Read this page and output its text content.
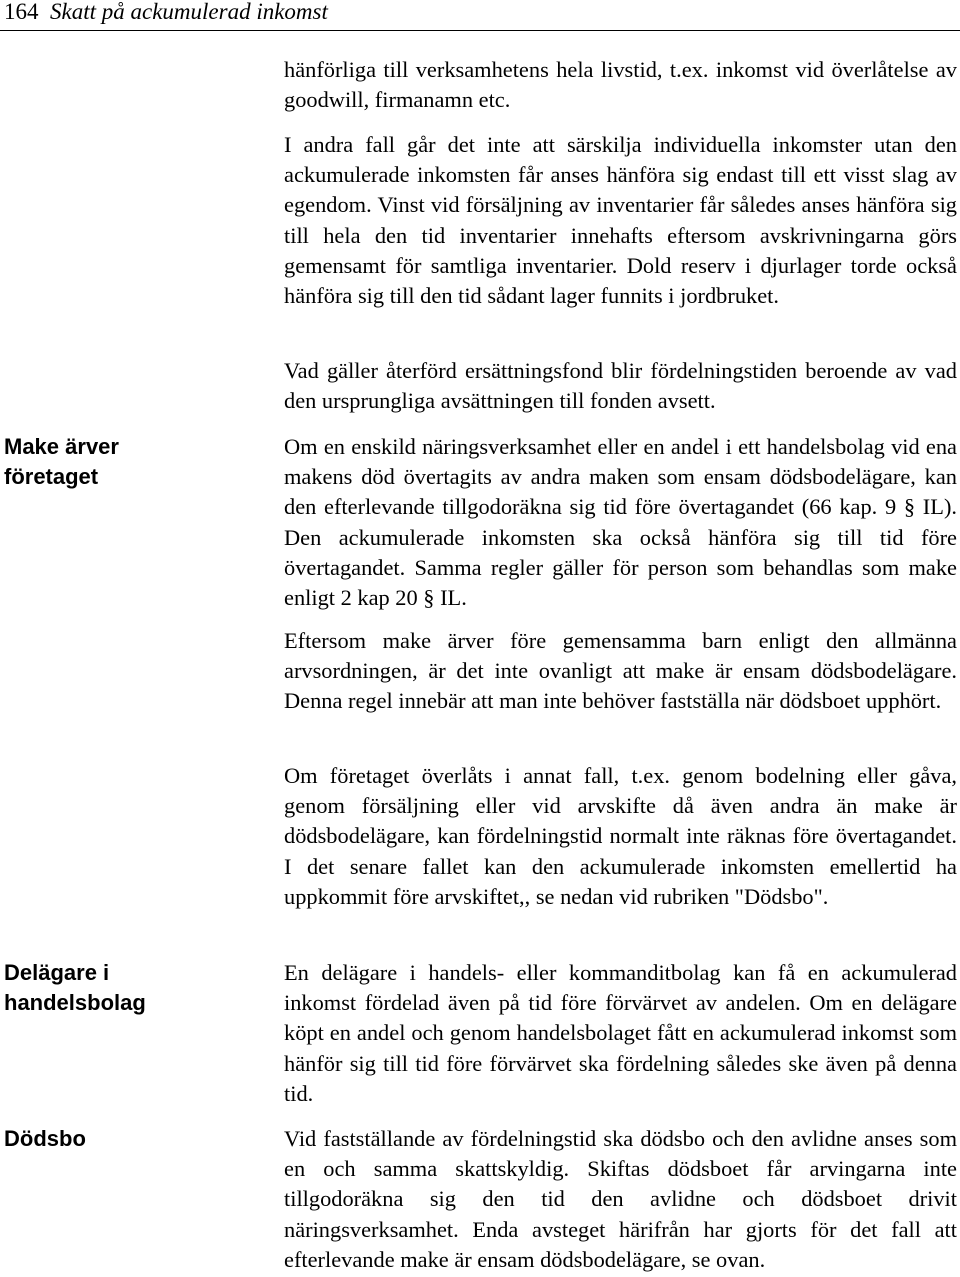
164 Skatt på ackumulerad inkomst
Make ärver företaget
Delägare i handelsbolag
Dödsbo
hänförliga till verksamhetens hela livstid, t.ex. inkomst vid överlåtelse av goodwill, firmanamn etc.
I andra fall går det inte att särskilja individuella inkomster utan den ackumulerade inkomsten får anses hänföra sig endast till ett visst slag av egendom. Vinst vid försäljning av inventarier får således anses hänföra sig till hela den tid inventarier innehafts eftersom avskrivningarna görs gemensamt för samtliga inventarier. Dold reserv i djurlager torde också hänföra sig till den tid sådant lager funnits i jordbruket.
Vad gäller återförd ersättningsfond blir fördelningstiden beroende av vad den ursprungliga avsättningen till fonden avsett.
Om en enskild näringsverksamhet eller en andel i ett handelsbolag vid ena makens död övertagits av andra maken som ensam dödsbodelägare, kan den efterlevande tillgodoräkna sig tid före övertagandet (66 kap. 9 § IL). Den ackumulerade inkomsten ska också hänföra sig till tid före övertagandet. Samma regler gäller för person som behandlas som make enligt 2 kap 20 § IL.
Eftersom make ärver före gemensamma barn enligt den allmänna arvsordningen, är det inte ovanligt att make är ensam dödsbodelägare. Denna regel innebär att man inte behöver fastställa när dödsboet upphört.
Om företaget överlåts i annat fall, t.ex. genom bodelning eller gåva, genom försäljning eller vid arvskifte då även andra än make är dödsbodelägare, kan fördelningstid normalt inte räknas före övertagandet. I det senare fallet kan den ackumulerade inkomsten emellertid ha uppkommit före arvskiftet,, se nedan vid rubriken "Dödsbo".
En delägare i handels- eller kommanditbolag kan få en ackumulerad inkomst fördelad även på tid före förvärvet av andelen. Om en delägare köpt en andel och genom handelsbolaget fått en ackumulerad inkomst som hänför sig till tid före förvärvet ska fördelning således ske även på denna tid.
Vid fastställande av fördelningstid ska dödsbo och den avlidne anses som en och samma skattskyldig. Skiftas dödsboet får arvingarna inte tillgodoräkna sig den tid den avlidne och dödsboet drivit näringsverksamhet. Enda avsteget härifrån har gjorts för det fall att efterlevande make är ensam dödsbodelägare, se ovan.
